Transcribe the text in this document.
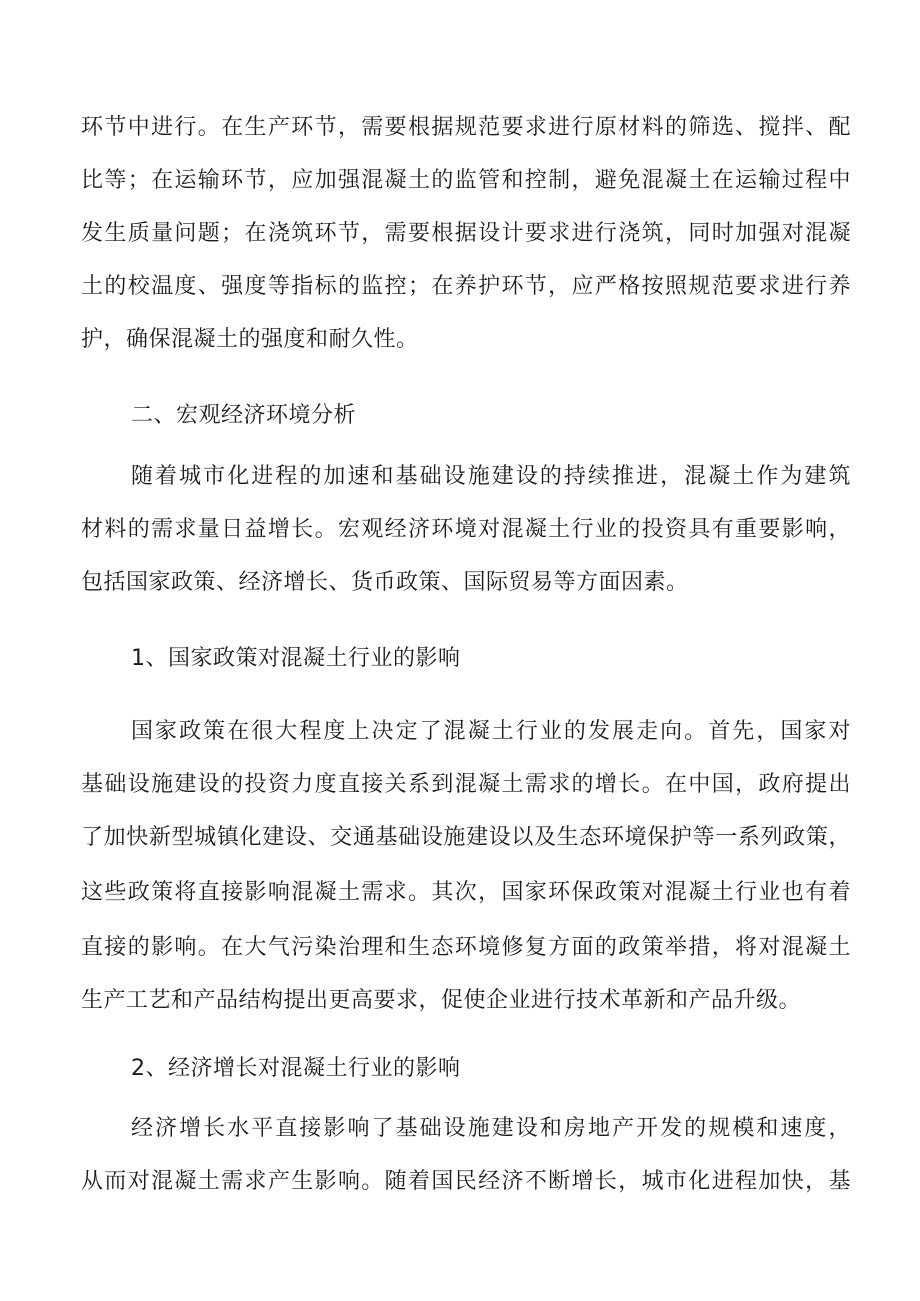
环节中进行。在生产环节，需要根据规范要求进行原材料的筛选、搅拌、配
比等；在运输环节，应加强混凝土的监管和控制，避免混凝土在运输过程中
发生质量问题；在浇筑环节，需要根据设计要求进行浇筑，同时加强对混凝
土的校温度、强度等指标的监控；在养护环节，应严格按照规范要求进行养
护，确保混凝土的强度和耐久性。
二、宏观经济环境分析
随着城市化进程的加速和基础设施建设的持续推进，混凝土作为建筑
材料的需求量日益增长。宏观经济环境对混凝土行业的投资具有重要影响，
包括国家政策、经济增长、货币政策、国际贸易等方面因素。
1、国家政策对混凝土行业的影响
国家政策在很大程度上决定了混凝土行业的发展走向。首先，国家对
基础设施建设的投资力度直接关系到混凝土需求的增长。在中国，政府提出
了加快新型城镇化建设、交通基础设施建设以及生态环境保护等一系列政策，
这些政策将直接影响混凝土需求。其次，国家环保政策对混凝土行业也有着
直接的影响。在大气污染治理和生态环境修复方面的政策举措，将对混凝土
生产工艺和产品结构提出更高要求，促使企业进行技术革新和产品升级。
2、经济增长对混凝土行业的影响
经济增长水平直接影响了基础设施建设和房地产开发的规模和速度，
从而对混凝土需求产生影响。随着国民经济不断增长，城市化进程加快，基
